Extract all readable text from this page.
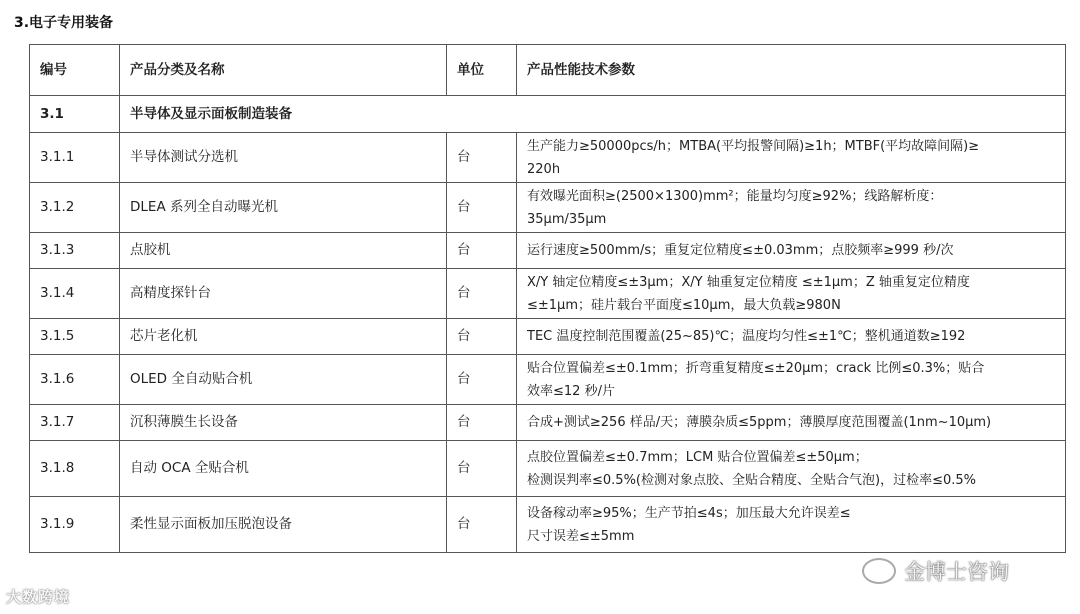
3.电子专用装备
编号	产品分类及名称	单位	产品性能技术参数
3.1	半导体及显示面板制造装备		
3.1.1	半导体测试分选机	台	生产能力≥50000pcs/h；MTBA(平均报警间隔)≥1h；MTBF(平均故障间隔)≥
220h

3.1.2	DLEA 系列全自动曝光机	台	有效曝光面积≥(2500×1300)mm²；能量均匀度≥92%；线路解析度：
35μm/35μm

3.1.3	点胶机	台	运行速度≥500mm/s；重复定位精度≤±0.03mm；点胶频率≥999 秒/次

3.1.4	高精度探针台	台	X/Y 轴定位精度≤±3μm；X/Y 轴重复定位精度 ≤±1μm；Z 轴重复定位精度
≤±1μm；硅片载台平面度≤10μm，最大负载≥980N

3.1.5	芯片老化机	台	TEC 温度控制范围覆盖(25~85)℃；温度均匀性≤±1℃；整机通道数≥192

3.1.6	OLED 全自动贴合机	台	贴合位置偏差≤±0.1mm；折弯重复精度≤±20μm；crack 比例≤0.3%；贴合
效率≤12 秒/片

3.1.7	沉积薄膜生长设备	台	合成+测试≥256 样品/天；薄膜杂质≤5ppm；薄膜厚度范围覆盖(1nm~10μm)

3.1.8	自动 OCA 全贴合机	台	点胶位置偏差≤±0.7mm；LCM 贴合位置偏差≤±50μm；
检测误判率≤0.5%(检测对象点胶、全贴合精度、全贴合气泡)，过检率≤0.5%

3.1.9	柔性显示面板加压脱泡设备	台	设备稼动率≥95%；生产节拍≤4s；加压最大允许误差≤
尺寸误差≤±5mm
大数跨境
金博士咨询
